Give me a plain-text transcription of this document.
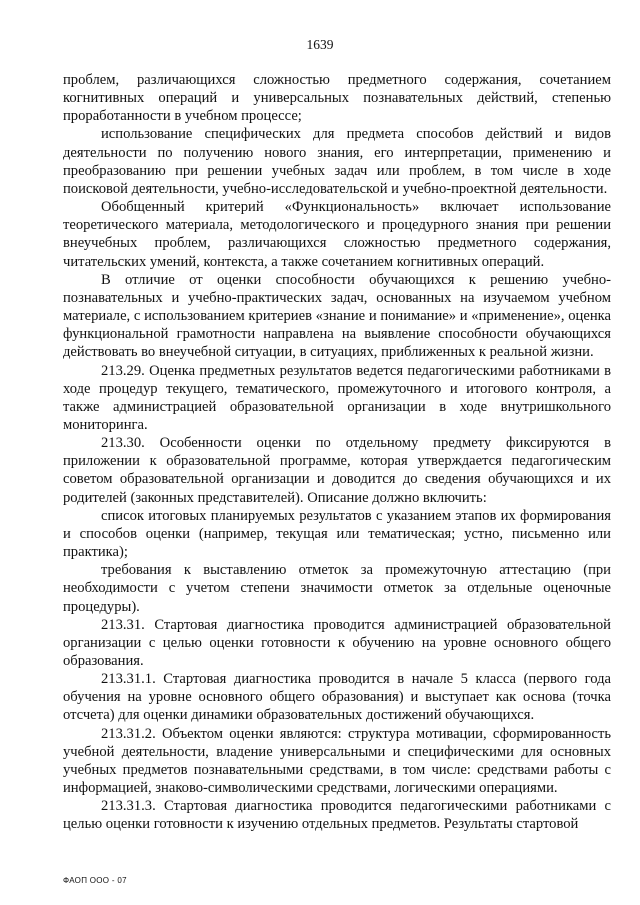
1639

проблем, различающихся сложностью предметного содержания, сочетанием когнитивных операций и универсальных познавательных действий, степенью проработанности в учебном процессе;

использование специфических для предмета способов действий и видов деятельности по получению нового знания, его интерпретации, применению и преобразованию при решении учебных задач или проблем, в том числе в ходе поисковой деятельности, учебно-исследовательской и учебно-проектной деятельности.

Обобщенный критерий «Функциональность» включает использование теоретического материала, методологического и процедурного знания при решении внеучебных проблем, различающихся сложностью предметного содержания, читательских умений, контекста, а также сочетанием когнитивных операций.

В отличие от оценки способности обучающихся к решению учебно-познавательных и учебно-практических задач, основанных на изучаемом учебном материале, с использованием критериев «знание и понимание» и «применение», оценка функциональной грамотности направлена на выявление способности обучающихся действовать во внеучебной ситуации, в ситуациях, приближенных к реальной жизни.

213.29. Оценка предметных результатов ведется педагогическими работниками в ходе процедур текущего, тематического, промежуточного и итогового контроля, а также администрацией образовательной организации в ходе внутришкольного мониторинга.

213.30. Особенности оценки по отдельному предмету фиксируются в приложении к образовательной программе, которая утверждается педагогическим советом образовательной организации и доводится до сведения обучающихся и их родителей (законных представителей). Описание должно включить:

список итоговых планируемых результатов с указанием этапов их формирования и способов оценки (например, текущая или тематическая; устно, письменно или практика);

требования к выставлению отметок за промежуточную аттестацию (при необходимости с учетом степени значимости отметок за отдельные оценочные процедуры).

213.31. Стартовая диагностика проводится администрацией образовательной организации с целью оценки готовности к обучению на уровне основного общего образования.

213.31.1. Стартовая диагностика проводится в начале 5 класса (первого года обучения на уровне основного общего образования) и выступает как основа (точка отсчета) для оценки динамики образовательных достижений обучающихся.

213.31.2. Объектом оценки являются: структура мотивации, сформированность учебной деятельности, владение универсальными и специфическими для основных учебных предметов познавательными средствами, в том числе: средствами работы с информацией, знаково-символическими средствами, логическими операциями.

213.31.3. Стартовая диагностика проводится педагогическими работниками с целью оценки готовности к изучению отдельных предметов. Результаты стартовой

ФАОП ООО - 07
